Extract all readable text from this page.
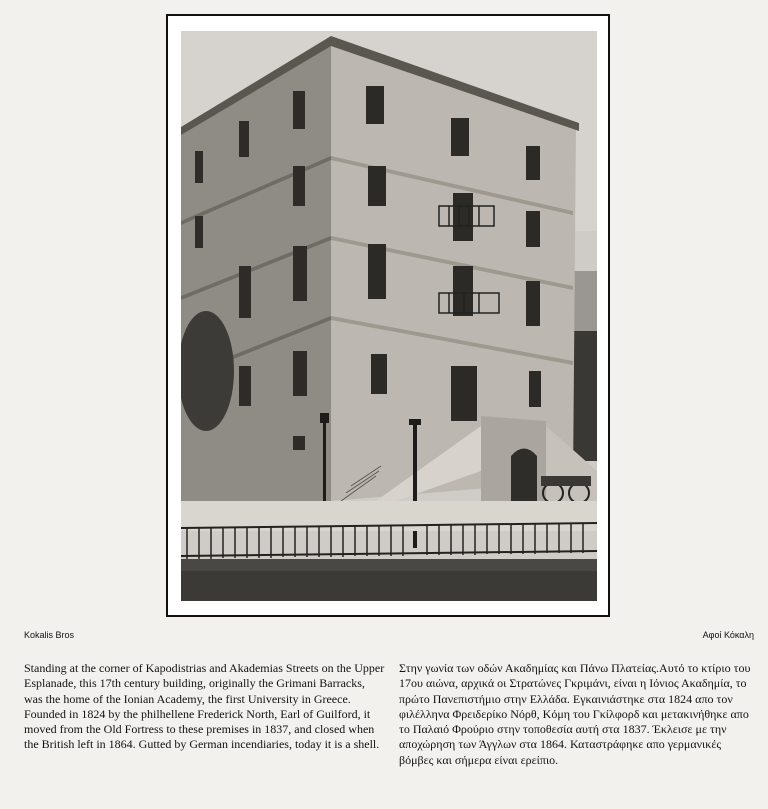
Kokalis Bros	Αφοί Κόκαλη

Standing at the corner of Kapodistrias and Akademias Streets on the Upper Esplanade, this 17th century building, originally the Grimani Barracks, was the home of the Ionian Academy, the first University in Greece. Founded in 1824 by the philhellene Frederick North, Earl of Guilford, it moved from the Old Fortress to these premises in 1837, and closed when the British left in 1864. Gutted by German incendiaries, today it is a shell.

Στην γωνία των οδών Ακαδημίας και Πάνω Πλατείας.Αυτό το κτίριο του 17ου αιώνα, αρχικά οι Στρατώνες Γκριμάνι, είναι η Ιόνιος Ακαδημία, το πρώτο Πανεπιστήμιο στην Ελλάδα. Εγκαινιάστηκε στα 1824 απο τον φιλέλληνα Φρειδερίκο Νόρθ, Κόμη του Γκίλφορδ και μετακινήθηκε απο το Παλαιό Φρούριο στην τοποθεσία αυτή στα 1837. Έκλεισε με την αποχώρηση των Άγγλων στα 1864. Καταστράφηκε απο γερμανικές βόμβες και σήμερα είναι ερείπιο.
